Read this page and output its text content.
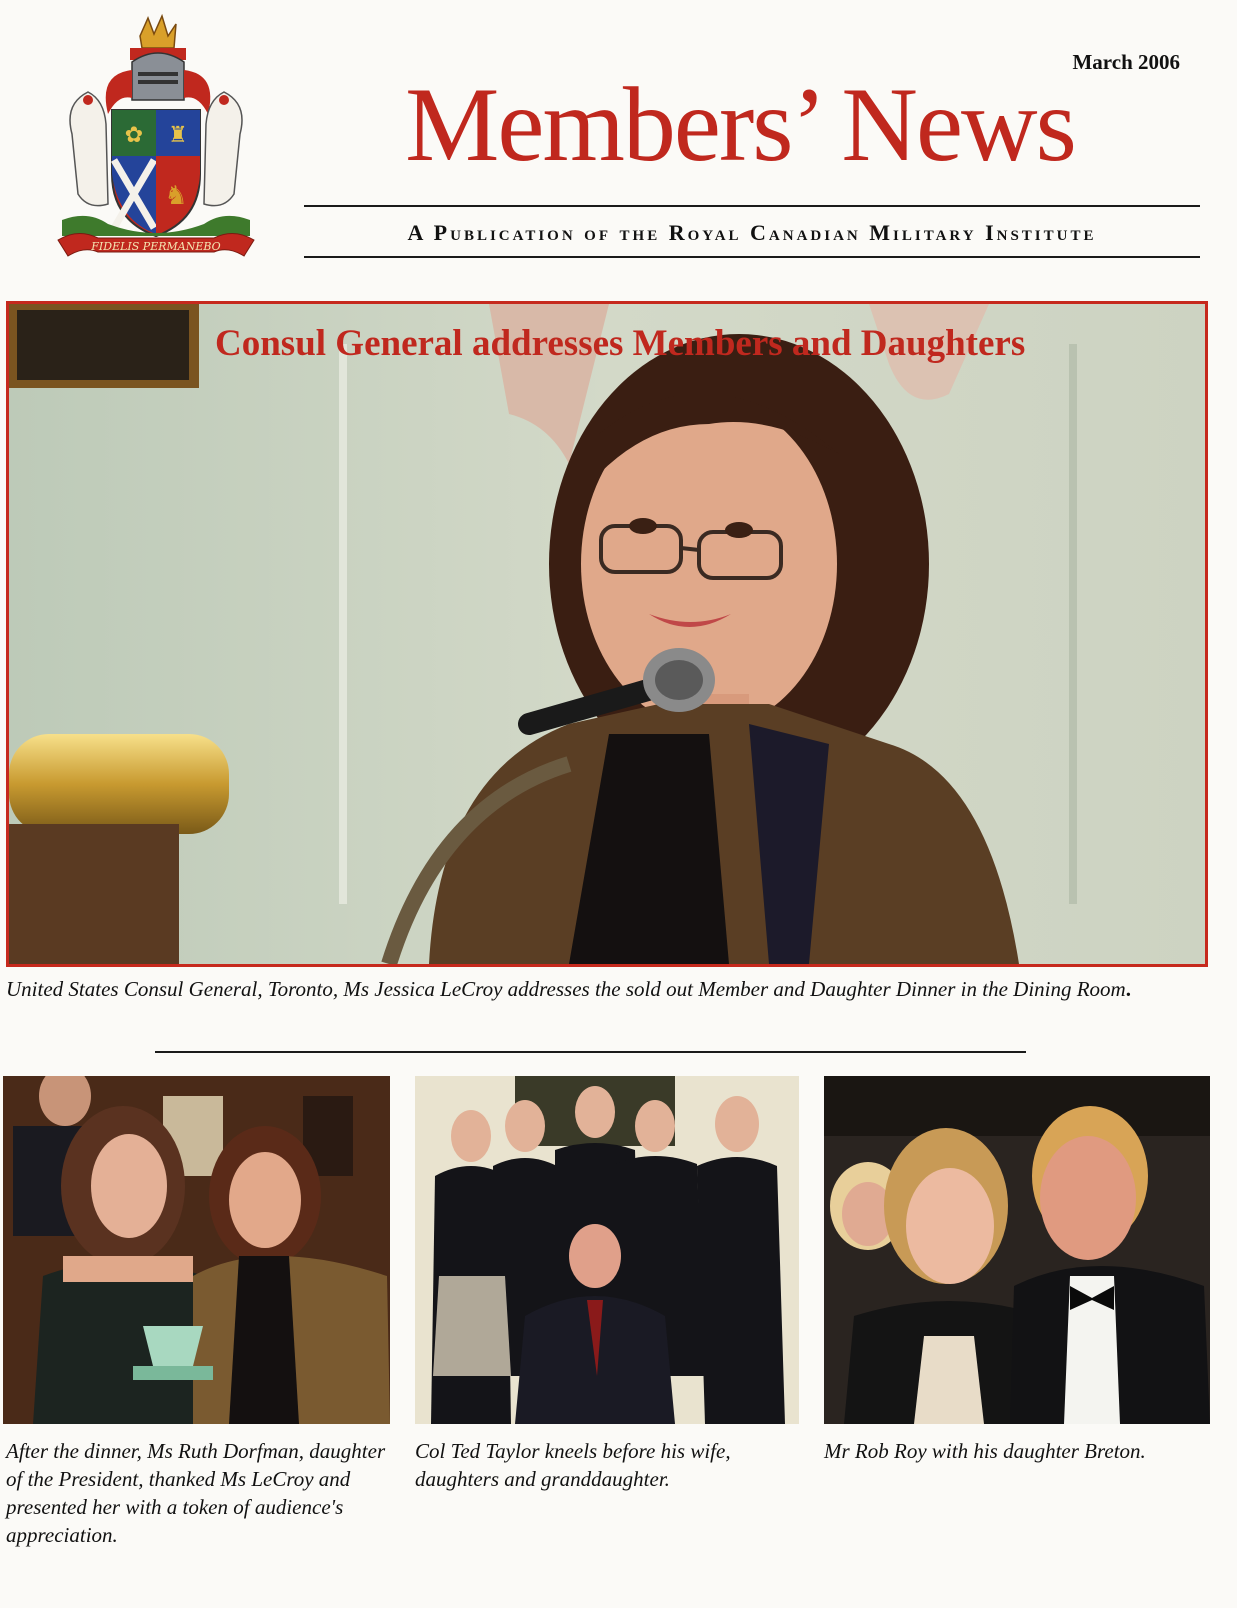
♞
✿ ♜
FIDELIS PERMANEBO
March 2006
Members’ News
A Publication of the Royal Canadian Military Institute
Consul General addresses Members and Daughters
United States Consul General, Toronto, Ms Jessica LeCroy addresses the sold out Member and Daughter Dinner in the Dining Room.
After the dinner, Ms Ruth Dorfman, daughter of the President, thanked Ms LeCroy and presented her with a token of audience's appreciation.
Col Ted Taylor kneels before his wife, daughters and granddaughter.
Mr Rob Roy with his daughter Breton.
